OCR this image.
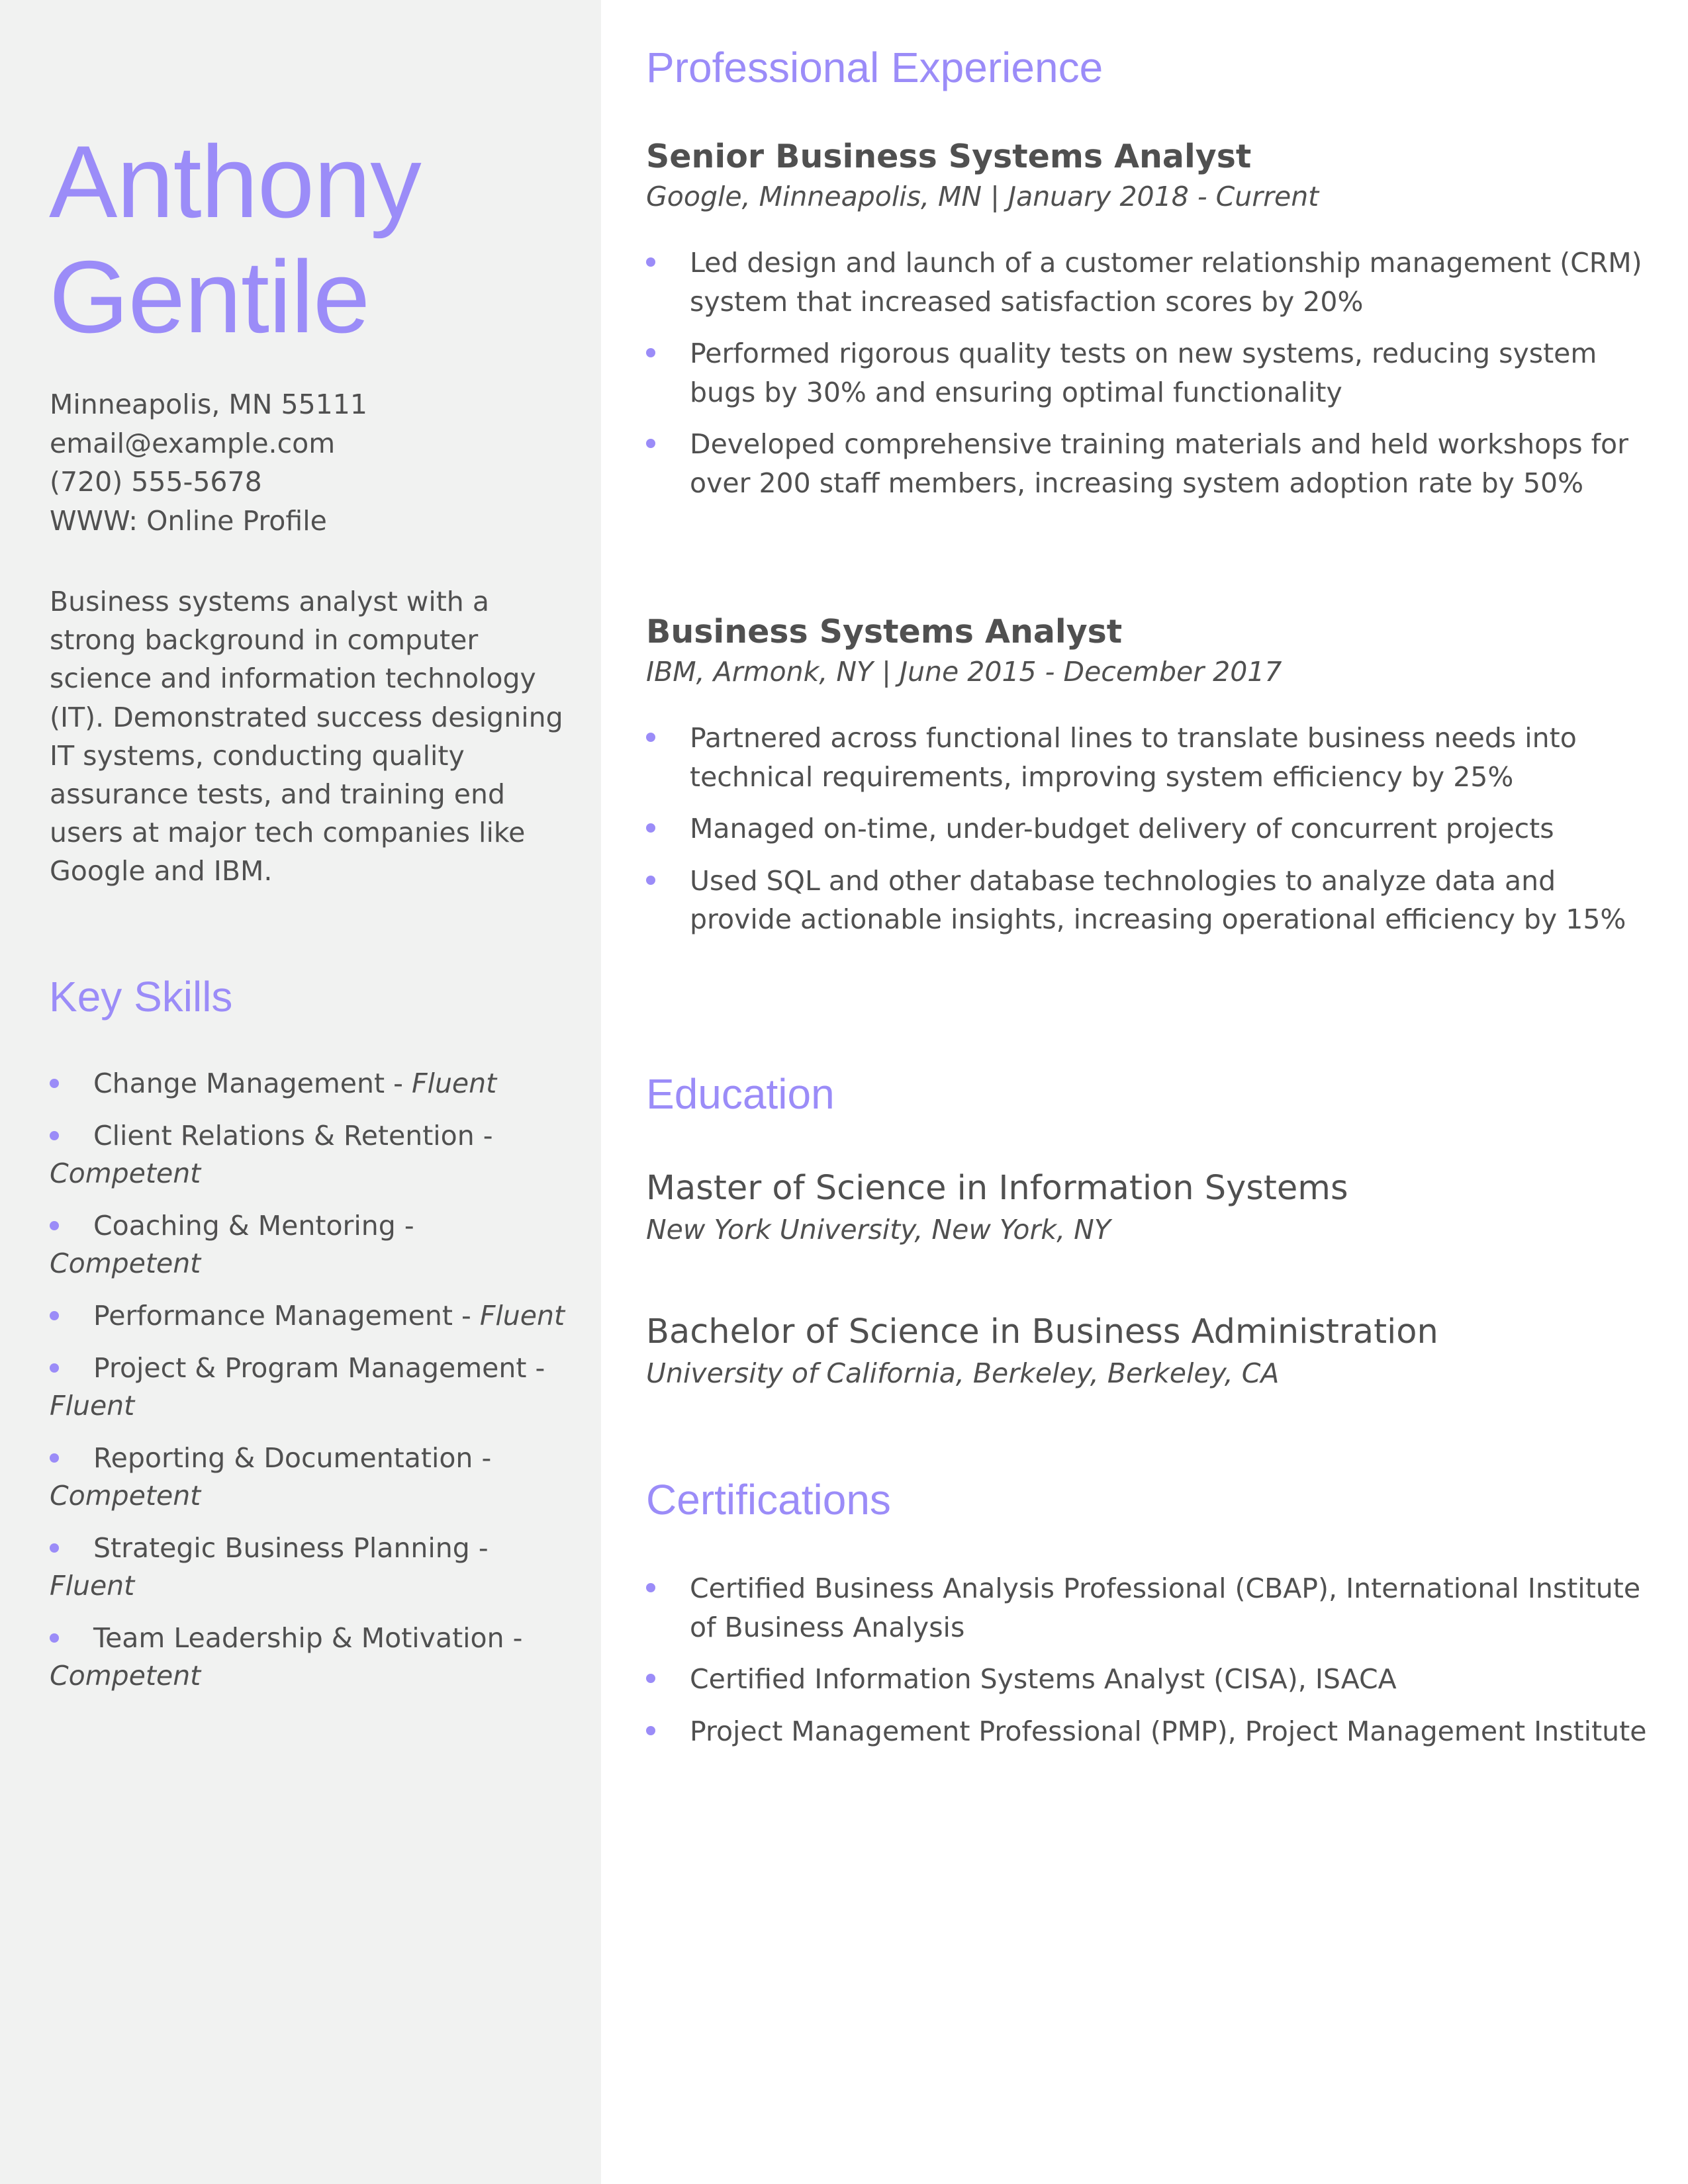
Anthony
Gentile
Minneapolis, MN 55111
email@example.com
(720) 555-5678
WWW: Online Profile

Business systems analyst with a strong background in computer science and information technology (IT). Demonstrated success designing IT systems, conducting quality assurance tests, and training end users at major tech companies like Google and IBM.

Key Skills
Change Management - Fluent
Client Relations & Retention - Competent
Coaching & Mentoring - Competent
Performance Management - Fluent
Project & Program Management - Fluent
Reporting & Documentation - Competent
Strategic Business Planning - Fluent
Team Leadership & Motivation - Competent
Professional Experience
Senior Business Systems Analyst

Google, Minneapolis, MN | January 2018 - Current

Led design and launch of a customer relationship management (CRM) system that increased satisfaction scores by 20%
Performed rigorous quality tests on new systems, reducing system bugs by 30% and ensuring optimal functionality
Developed comprehensive training materials and held workshops for over 200 staff members, increasing system adoption rate by 50%
Business Systems Analyst

IBM, Armonk, NY | June 2015 - December 2017

Partnered across functional lines to translate business needs into technical requirements, improving system efficiency by 25%
Managed on-time, under-budget delivery of concurrent projects
Used SQL and other database technologies to analyze data and provide actionable insights, increasing operational efficiency by 15%
Education

Master of Science in Information Systems

New York University, New York, NY

Bachelor of Science in Business Administration

University of California, Berkeley, Berkeley, CA

Certifications
Certified Business Analysis Professional (CBAP), International Institute of Business Analysis
Certified Information Systems Analyst (CISA), ISACA
Project Management Professional (PMP), Project Management Institute
